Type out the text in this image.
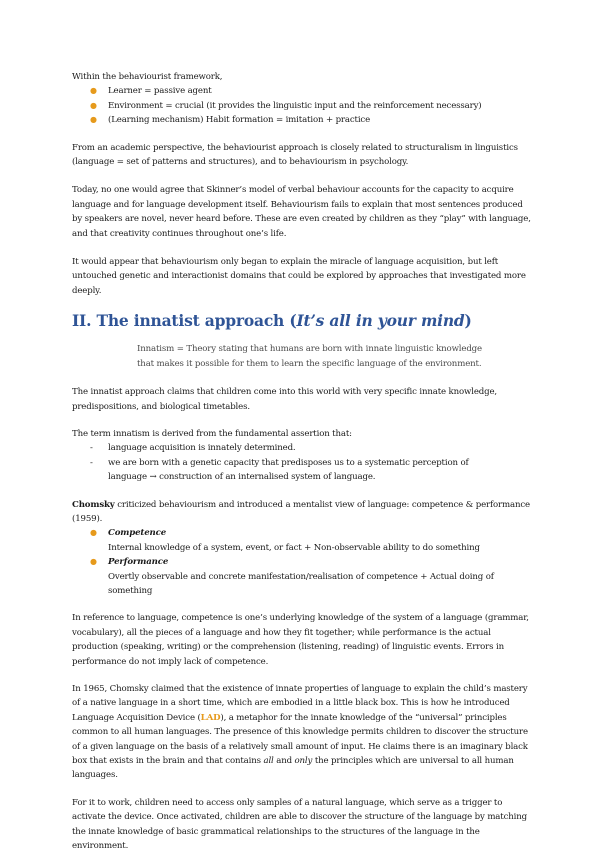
Within the behaviourist framework,

● Learner = passive agent
● Environment = crucial (it provides the linguistic input and the reinforcement necessary)
● (Learning mechanism) Habit formation = imitation + practice

From an academic perspective, the behaviourist approach is closely related to structuralism in linguistics (language = set of patterns and structures), and to behaviourism in psychology.

Today, no one would agree that Skinner’s model of verbal behaviour accounts for the capacity to acquire language and for language development itself. Behaviourism fails to explain that most sentences produced by speakers are novel, never heard before. These are even created by children as they “play” with language, and that creativity continues throughout one’s life.

It would appear that behaviourism only began to explain the miracle of language acquisition, but left untouched genetic and interactionist domains that could be explored by approaches that investigated more deeply.

II. The innatist approach (It’s all in your mind)

Innatism = Theory stating that humans are born with innate linguistic knowledge

that makes it possible for them to learn the specific language of the environment.

The innatist approach claims that children come into this world with very specific innate knowledge, predispositions, and biological timetables.

The term innatism is derived from the fundamental assertion that:

- language acquisition is innately determined.
- we are born with a genetic capacity that predisposes us to a systematic perception of
language → construction of an internalised system of language.

Chomsky criticized behaviourism and introduced a mentalist view of language: competence & performance (1959).

● Competence

Internal knowledge of a system, event, or fact + Non-observable ability to do something

● Performance

Overtly observable and concrete manifestation/realisation of competence + Actual doing of something

In reference to language, competence is one’s underlying knowledge of the system of a language (grammar, vocabulary), all the pieces of a language and how they fit together; while performance is the actual production (speaking, writing) or the comprehension (listening, reading) of linguistic events. Errors in performance do not imply lack of competence.

In 1965, Chomsky claimed that the existence of innate properties of language to explain the child’s mastery of a native language in a short time, which are embodied in a little black box. This is how he introduced Language Acquisition Device (LAD), a metaphor for the innate knowledge of the “universal” principles common to all human languages. The presence of this knowledge permits children to discover the structure of a given language on the basis of a relatively small amount of input. He claims there is an imaginary black box that exists in the brain and that contains all and only the principles which are universal to all human languages.

For it to work, children need to access only samples of a natural language, which serve as a trigger to activate the device. Once activated, children are able to discover the structure of the language by matching the innate knowledge of basic grammatical relationships to the structures of the language in the environment.
